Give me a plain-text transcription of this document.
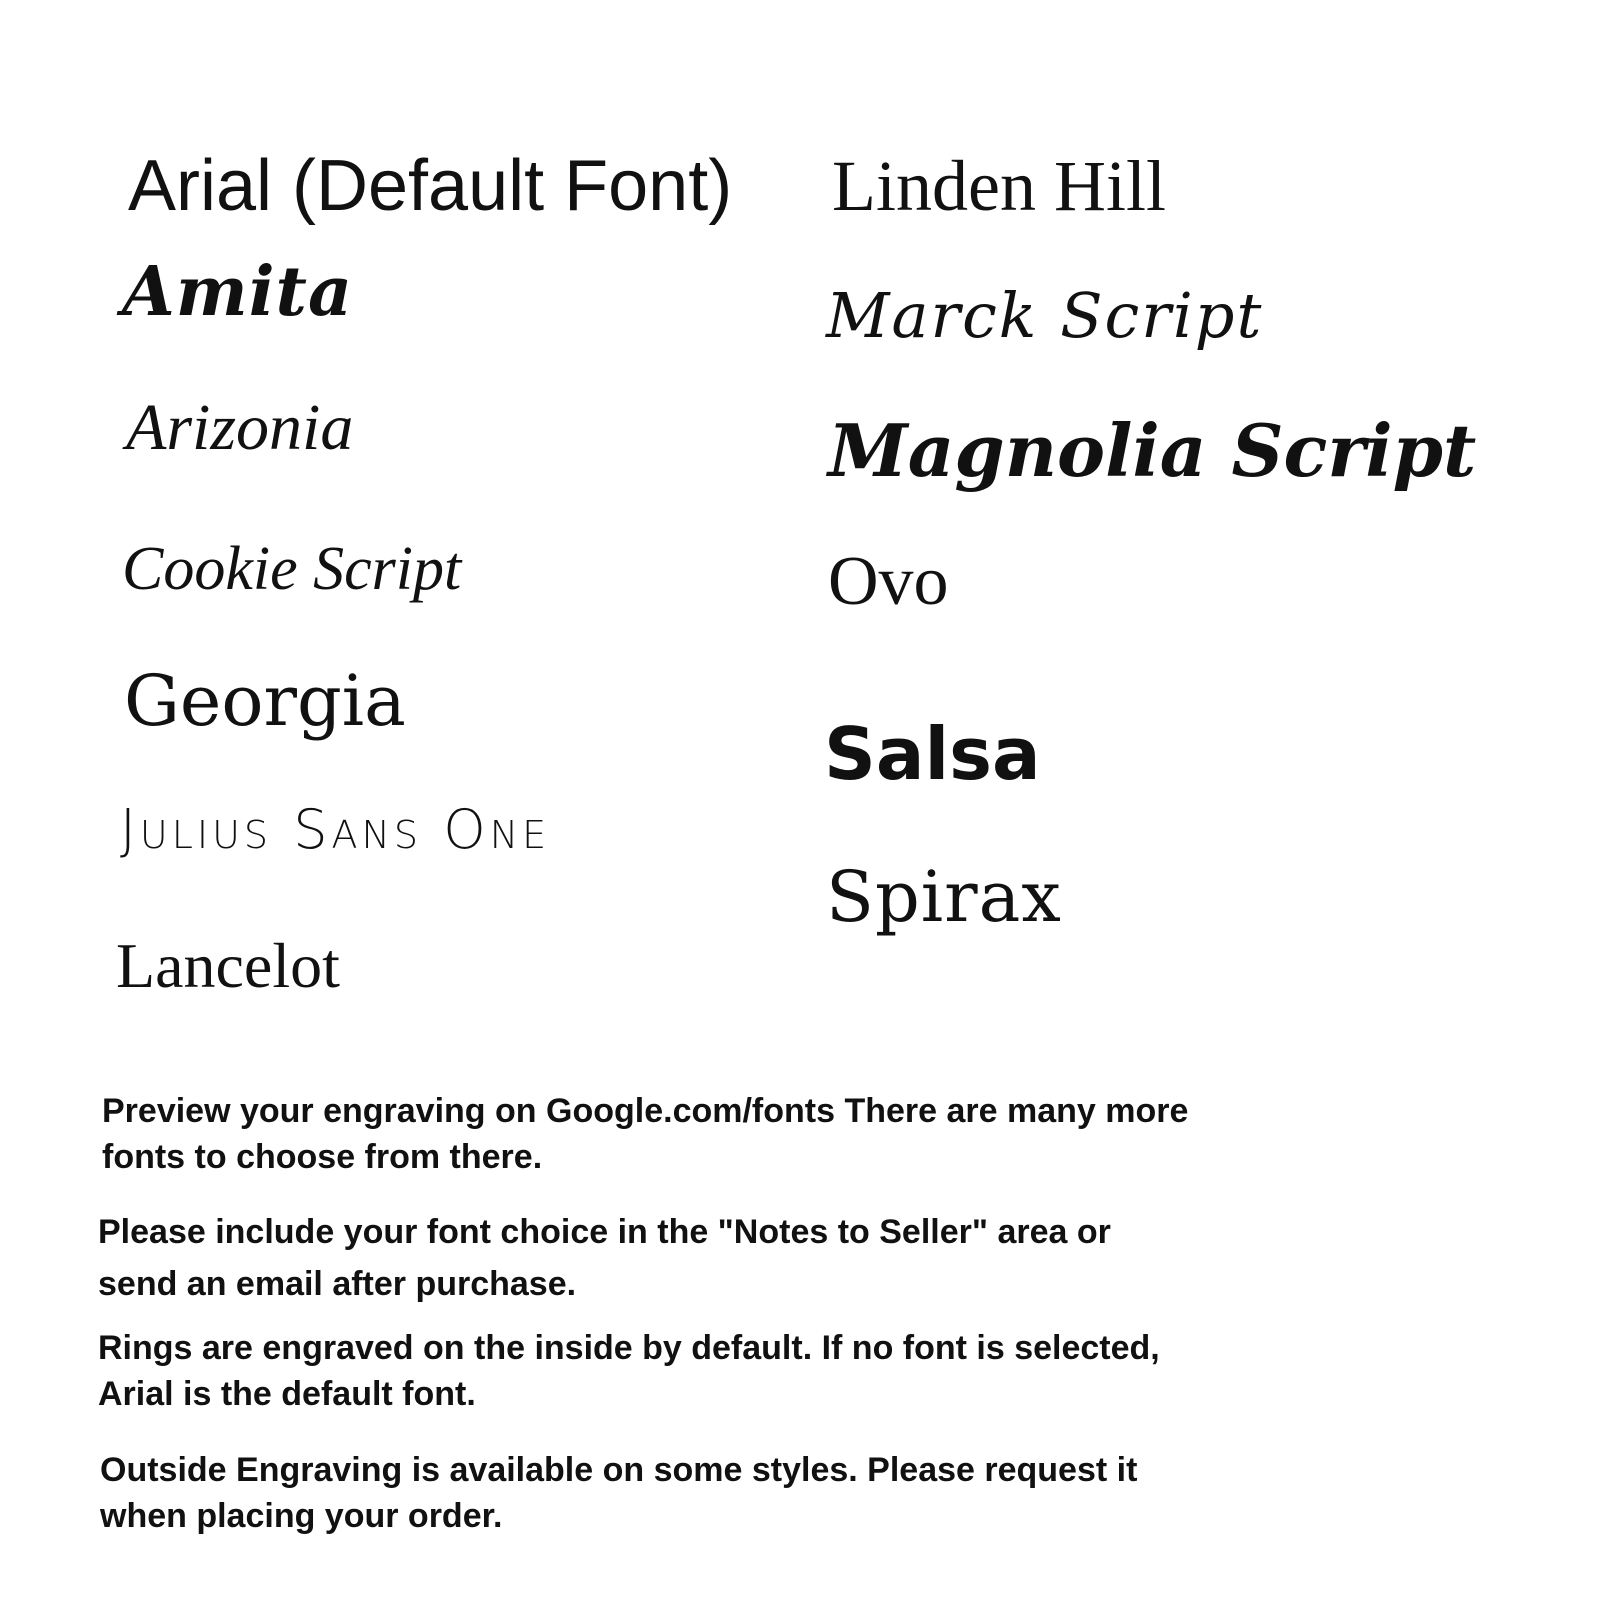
Arial (Default Font)

Amita

Arizonia

Cookie Script

Georgia

Julius Sans One

Lancelot

Linden Hill

Marck Script

Magnolia Script

Ovo

Salsa

Spirax

Preview your engraving on Google.com/fonts There are many more
fonts to choose from there.

Please include your font choice in the "Notes to Seller" area or
send an email after purchase.

Rings are engraved on the inside by default. If no font is selected,
Arial is the default font.

Outside Engraving is available on some styles. Please request it
when placing your order.
